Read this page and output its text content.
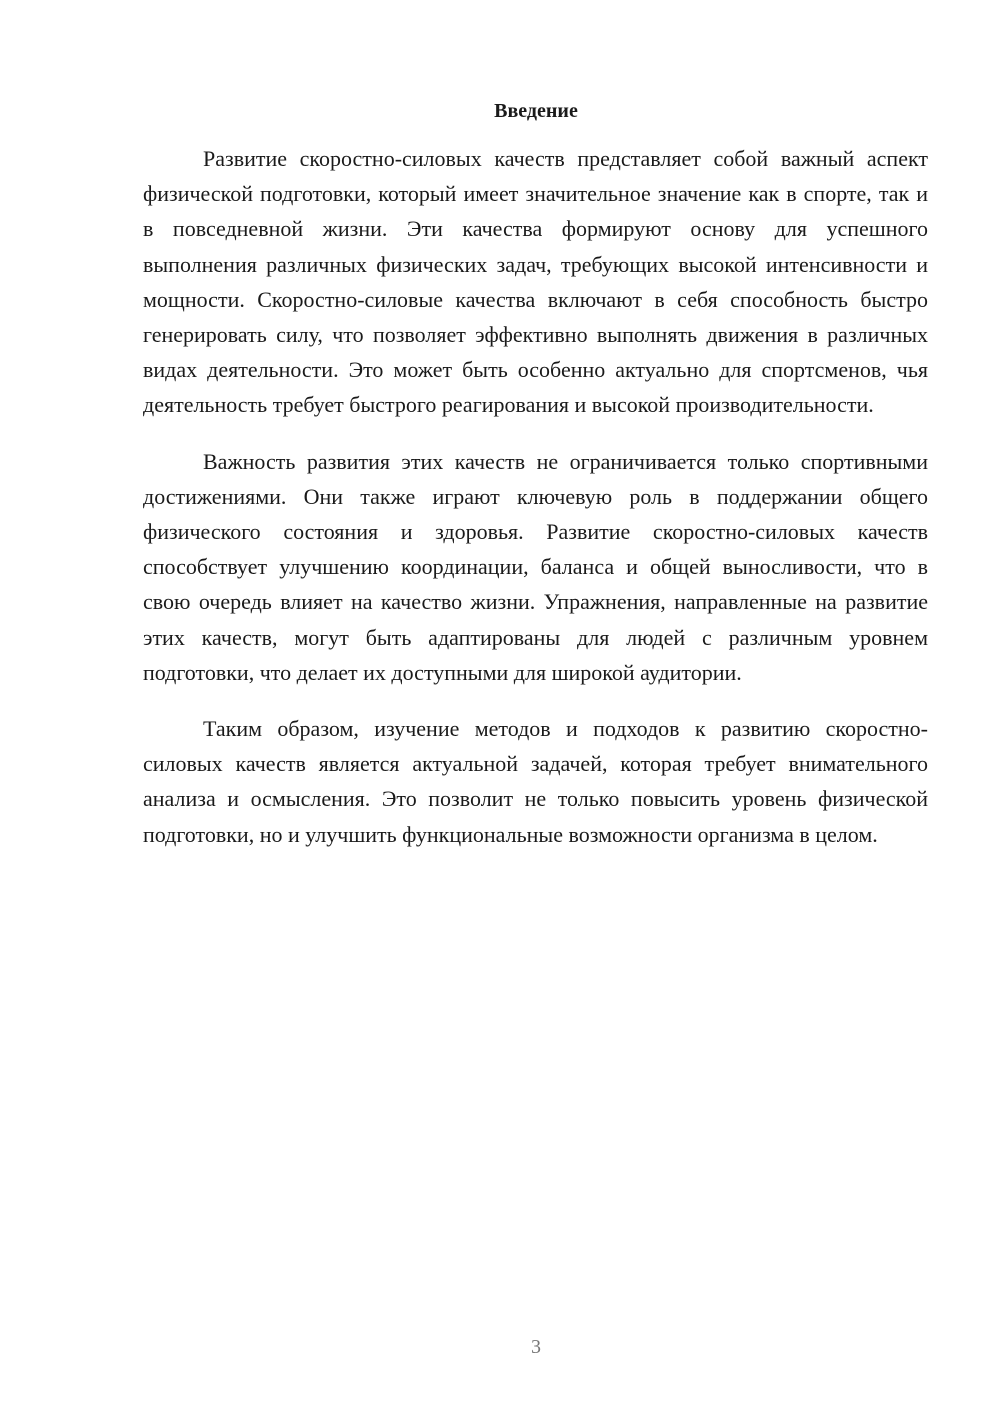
Введение

Развитие скоростно-силовых качеств представляет собой важный аспект физической подготовки, который имеет значительное значение как в спорте, так и в повседневной жизни. Эти качества формируют основу для успешного выполнения различных физических задач, требующих высокой интенсивности и мощности. Скоростно-силовые качества включают в себя способность быстро генерировать силу, что позволяет эффективно выполнять движения в различных видах деятельности. Это может быть особенно актуально для спортсменов, чья деятельность требует быстрого реагирования и высокой производительности.

Важность развития этих качеств не ограничивается только спортивными достижениями. Они также играют ключевую роль в поддержании общего физического состояния и здоровья. Развитие скоростно-силовых качеств способствует улучшению координации, баланса и общей выносливости, что в свою очередь влияет на качество жизни. Упражнения, направленные на развитие этих качеств, могут быть адаптированы для людей с различным уровнем подготовки, что делает их доступными для широкой аудитории.

Таким образом, изучение методов и подходов к развитию скоростно-силовых качеств является актуальной задачей, которая требует внимательного анализа и осмысления. Это позволит не только повысить уровень физической подготовки, но и улучшить функциональные возможности организма в целом.

3
